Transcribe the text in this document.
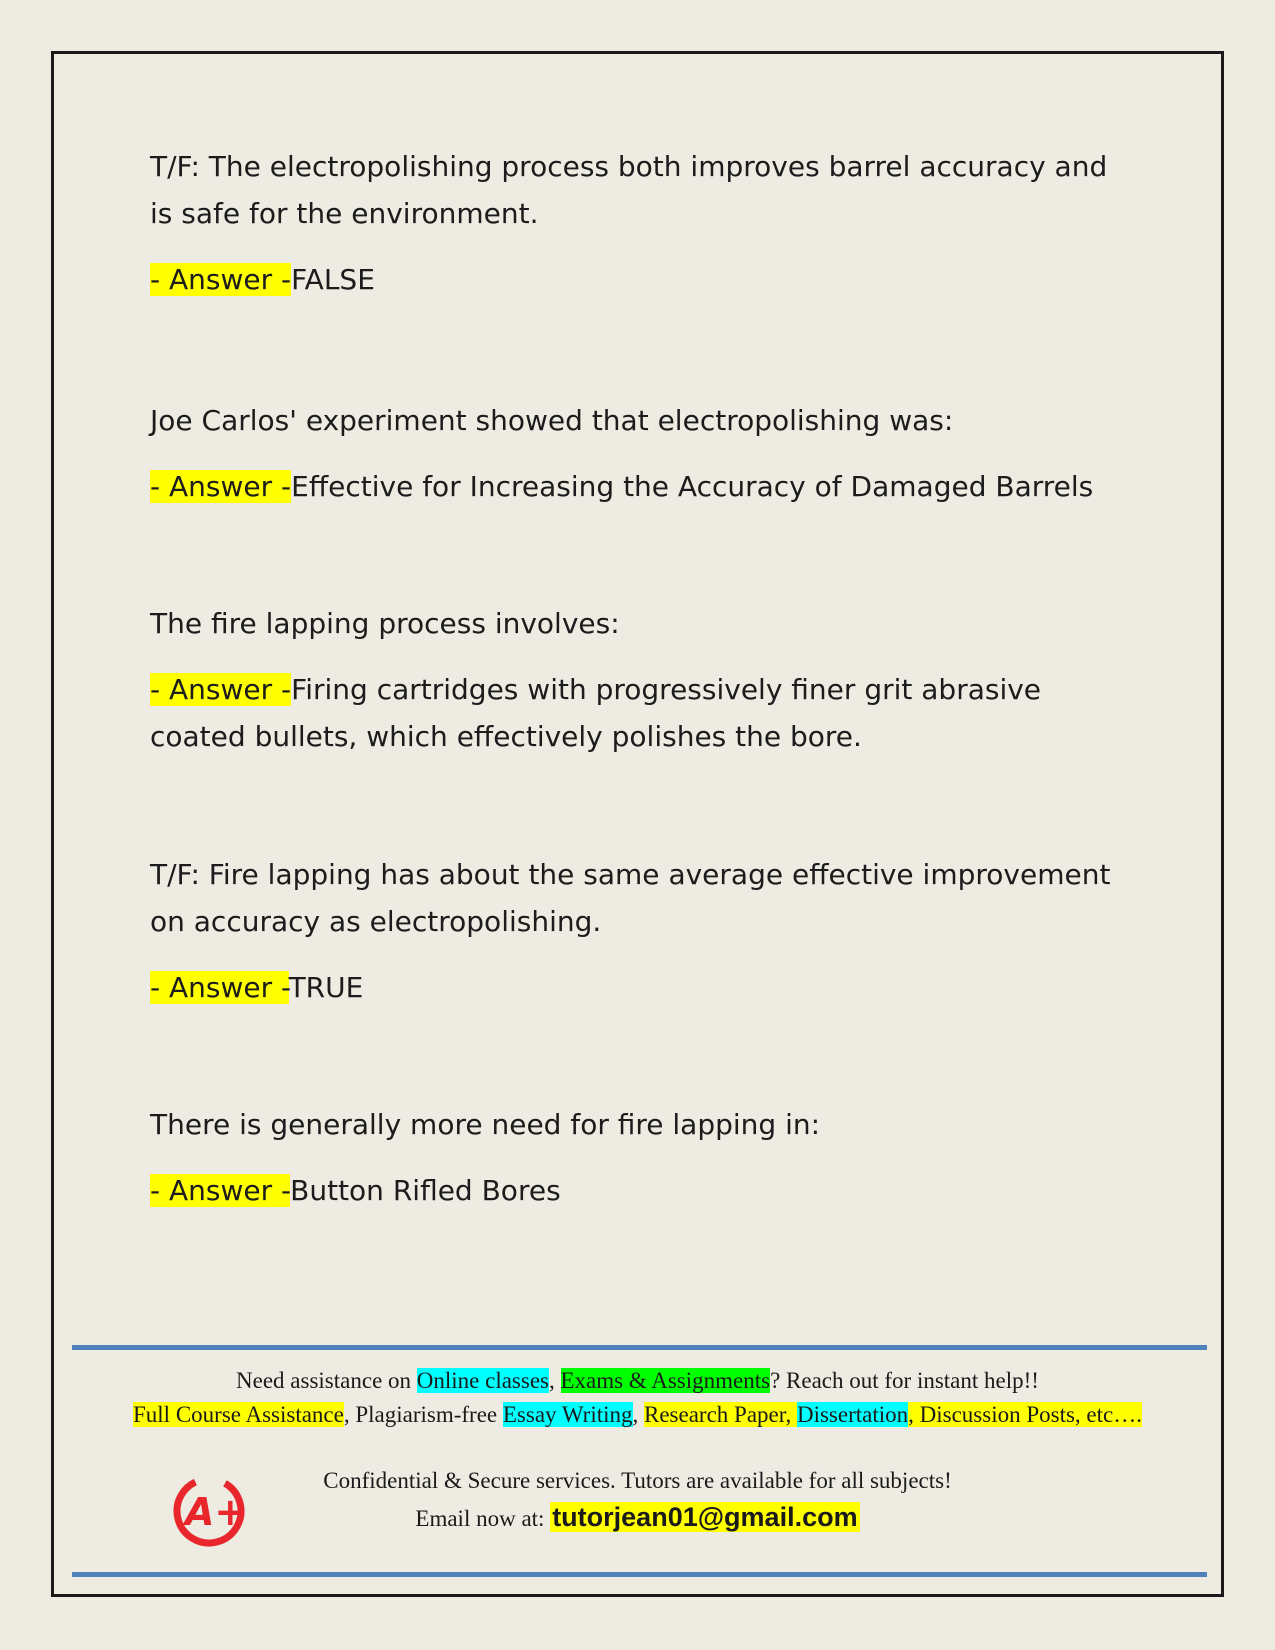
T/F: The electropolishing process both improves barrel accuracy and is safe for the environment.

- Answer -FALSE

Joe Carlos' experiment showed that electropolishing was:

- Answer -Effective for Increasing the Accuracy of Damaged Barrels

The fire lapping process involves:

- Answer -Firing cartridges with progressively finer grit abrasive coated bullets, which effectively polishes the bore.

T/F: Fire lapping has about the same average effective improvement on accuracy as electropolishing.

- Answer -TRUE

There is generally more need for fire lapping in:

- Answer -Button Rifled Bores

Need assistance on Online classes, Exams & Assignments? Reach out for instant help!!
Full Course Assistance, Plagiarism-free Essay Writing, Research Paper, Dissertation, Discussion Posts, etc….
A+
Confidential & Secure services. Tutors are available for all subjects!
Email now at: tutorjean01@gmail.com
